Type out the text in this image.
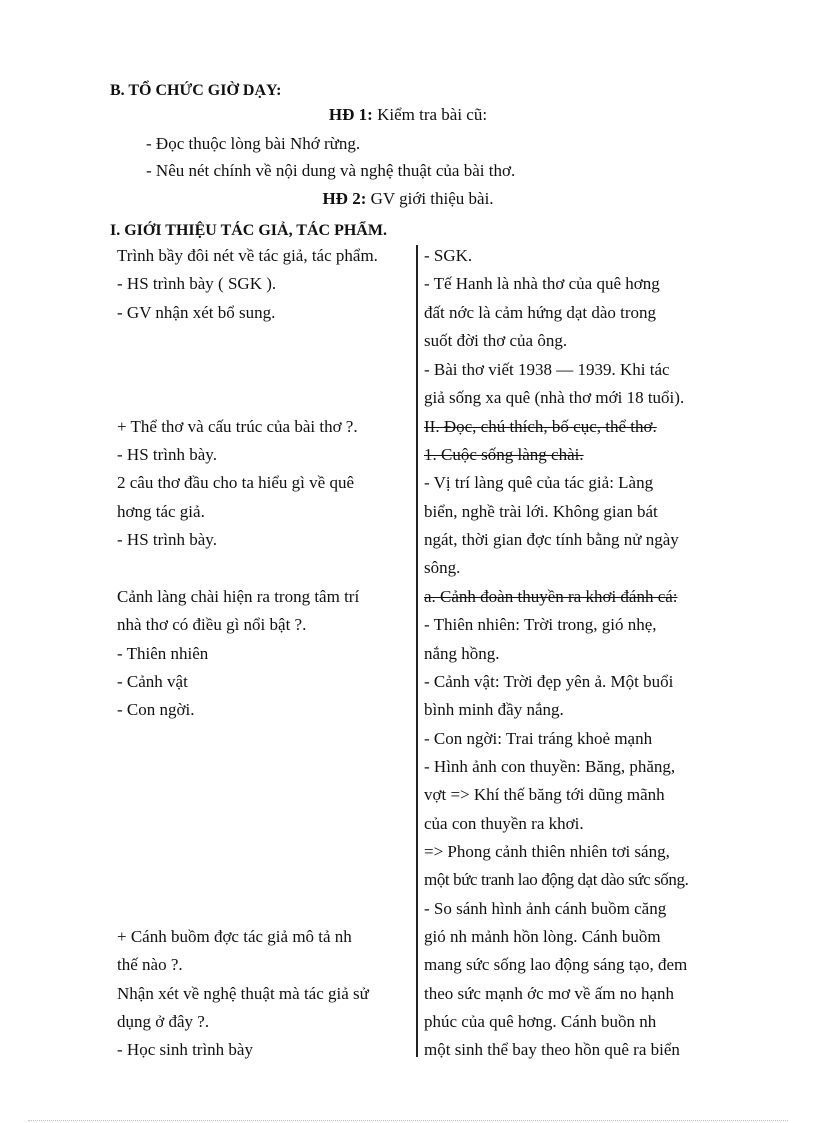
B. TỔ CHỨC GIỜ DẠY:
HĐ 1: Kiểm tra bài cũ:
- Đọc thuộc lòng bài Nhớ rừng.
- Nêu nét chính về nội dung và nghệ thuật của bài thơ.
HĐ 2: GV giới thiệu bài.
I. GIỚI THIỆU TÁC GIẢ, TÁC PHẨM.
Trình bầy đôi nét về tác giả, tác phẩm.
- HS trình bày ( SGK ).
- GV nhận xét bổ sung.
+ Thể thơ và cấu trúc của bài thơ ?.
- HS trình bày.
2 câu thơ đầu cho ta hiểu gì về quê
hơng tác giả.
- HS trình bày.
Cảnh làng chài hiện ra trong tâm trí
nhà thơ có điều gì nổi bật ?.
- Thiên nhiên
- Cảnh vật
- Con ngời.
+ Cánh buồm đợc tác giả mô tả nh
thế nào ?.
Nhận xét về nghệ thuật mà tác giả sử
dụng ở đây ?.
- Học sinh trình bày
- SGK.
- Tế Hanh là nhà thơ của quê hơng
đất nớc là cảm hứng dạt dào trong
suốt đời thơ của ông.
- Bài thơ viết 1938 — 1939. Khi tác
giả sống xa quê (nhà thơ mới 18 tuổi).
II. Đọc, chú thích, bố cục, thể thơ.
1. Cuộc sống làng chài.
- Vị trí làng quê của tác giả: Làng
biển, nghề trài lới. Không gian bát
ngát, thời gian đợc tính bằng nử ngày
sông.
a. Cảnh đoàn thuyền ra khơi đánh cá:
- Thiên nhiên: Trời trong, gió nhẹ,
nắng hồng.
- Cảnh vật: Trời đẹp yên ả. Một buổi
bình minh đầy nắng.
- Con ngời: Trai tráng khoẻ mạnh
- Hình ảnh con thuyền: Băng, phăng,
vợt => Khí thế băng tới dũng mãnh
của con thuyền ra khơi.
=> Phong cảnh thiên nhiên tơi sáng,
một bức tranh lao động dạt dào sức sống.
- So sánh hình ảnh cánh buồm căng
gió nh mảnh hồn lòng. Cánh buồm
mang sức sống lao động sáng tạo, đem
theo sức mạnh ớc mơ về ấm no hạnh
phúc của quê hơng. Cánh buồn nh
một sinh thể bay theo hồn quê ra biển
